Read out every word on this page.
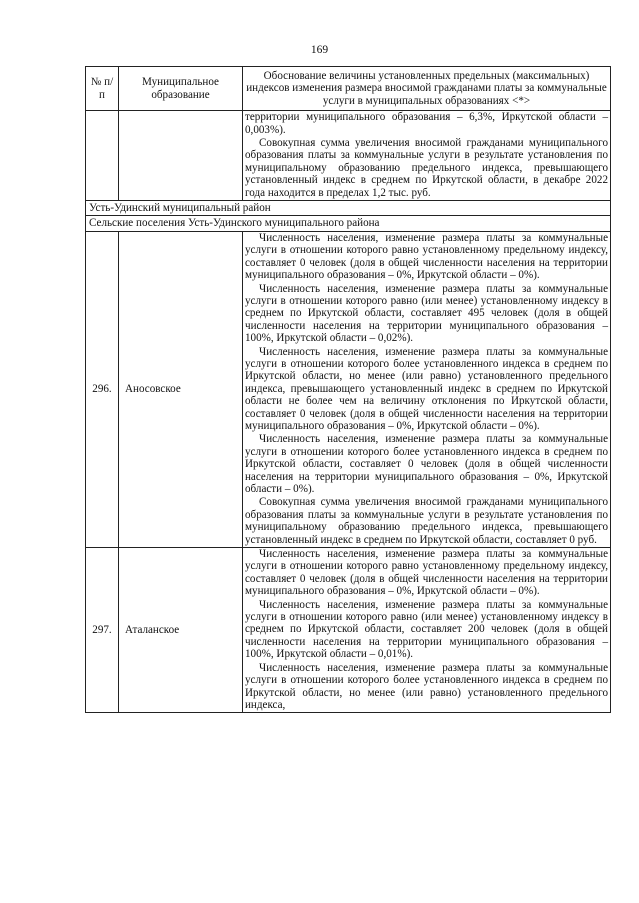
169
№ п/п	Муниципальное образование	Обоснование величины установленных предельных (максимальных) индексов изменения размера вносимой гражданами платы за коммунальные услуги в муниципальных образованиях <*>

		территории муниципального образования – 6,3%, Иркутской области – 0,003%).

Совокупная сумма увеличения вносимой гражданами муниципального образования платы за коммунальные услуги в результате установления по муниципальному образованию предельного индекса, превышающего установленный индекс в среднем по Иркутской области, в декабре 2022 года находится в пределах 1,2 тыс. руб.

Усть-Удинский муниципальный район		
Сельские поселения Усть-Удинского муниципального района		
296.	Аносовское	Численность населения, изменение размера платы за коммунальные услуги в отношении которого равно установленному предельному индексу, составляет 0 человек (доля в общей численности населения на территории муниципального образования – 0%, Иркутской области – 0%).

Численность населения, изменение размера платы за коммунальные услуги в отношении которого равно (или менее) установленному индексу в среднем по Иркутской области, составляет 495 человек (доля в общей численности населения на территории муниципального образования – 100%, Иркутской области – 0,02%).

Численность населения, изменение размера платы за коммунальные услуги в отношении которого более установленного индекса в среднем по Иркутской области, но менее (или равно) установленного предельного индекса, превышающего установленный индекс в среднем по Иркутской области не более чем на величину отклонения по Иркутской области, составляет 0 человек (доля в общей численности населения на территории муниципального образования – 0%, Иркутской области – 0%).

Численность населения, изменение размера платы за коммунальные услуги в отношении которого более установленного индекса в среднем по Иркутской области, составляет 0 человек (доля в общей численности населения на территории муниципального образования – 0%, Иркутской области – 0%).

Совокупная сумма увеличения вносимой гражданами муниципального образования платы за коммунальные услуги в результате установления по муниципальному образованию предельного индекса, превышающего установленный индекс в среднем по Иркутской области, составляет 0 руб.

297.	Аталанское	Численность населения, изменение размера платы за коммунальные услуги в отношении которого равно установленному предельному индексу, составляет 0 человек (доля в общей численности населения на территории муниципального образования – 0%, Иркутской области – 0%).

Численность населения, изменение размера платы за коммунальные услуги в отношении которого равно (или менее) установленному индексу в среднем по Иркутской области, составляет 200 человек (доля в общей численности населения на территории муниципального образования – 100%, Иркутской области – 0,01%).

Численность населения, изменение размера платы за коммунальные услуги в отношении которого более установленного индекса в среднем по Иркутской области, но менее (или равно) установленного предельного индекса,
